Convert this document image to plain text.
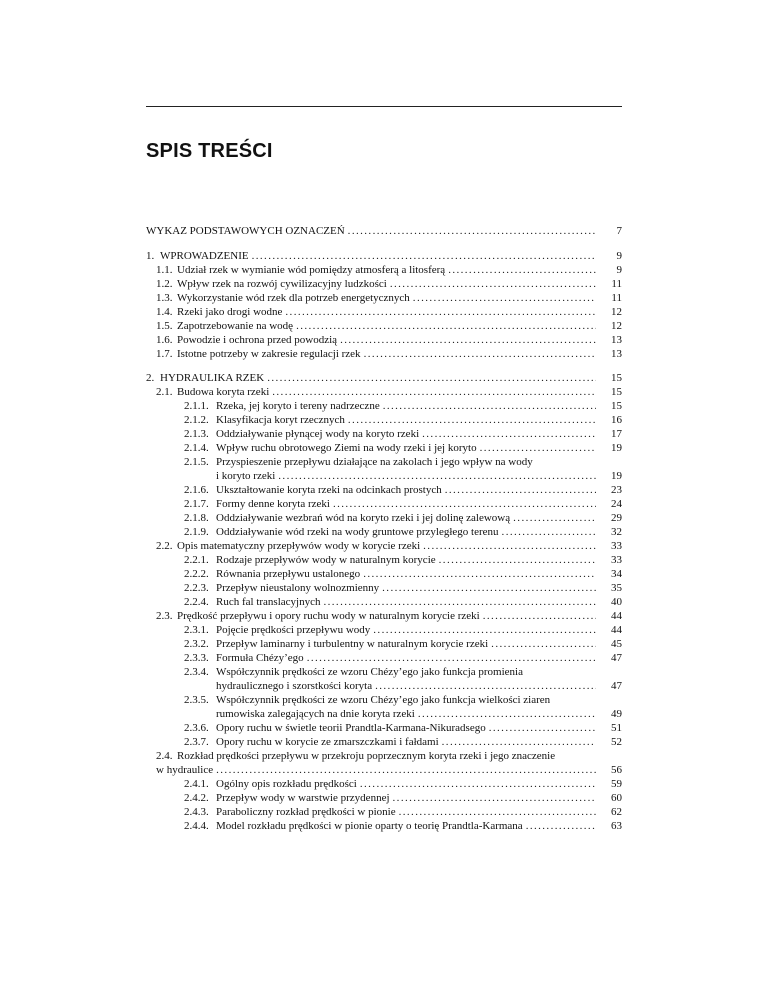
SPIS TREŚCI
WYKAZ PODSTAWOWYCH OZNACZEŃ .....	7
1. WPROWADZENIE .....	9
1.1. Udział rzek w wymianie wód pomiędzy atmosferą a litosferą .....	9
1.2. Wpływ rzek na rozwój cywilizacyjny ludzkości .....	11
1.3. Wykorzystanie wód rzek dla potrzeb energetycznych .....	11
1.4. Rzeki jako drogi wodne .....	12
1.5. Zapotrzebowanie na wodę .....	12
1.6. Powodzie i ochrona przed powodzią .....	13
1.7. Istotne potrzeby w zakresie regulacji rzek .....	13
2. HYDRAULIKA RZEK .....	15
2.1. Budowa koryta rzeki .....	15
2.1.1. Rzeka, jej koryto i tereny nadrzeczne .....	15
2.1.2. Klasyfikacja koryt rzecznych .....	16
2.1.3. Oddziaływanie płynącej wody na koryto rzeki .....	17
2.1.4. Wpływ ruchu obrotowego Ziemi na wody rzeki i jej koryto .....	19
2.1.5. Przyspieszenie przepływu działające na zakolach i jego wpływ na wody
i koryto rzeki .....	19
2.1.6. Ukształtowanie koryta rzeki na odcinkach prostych .....	23
2.1.7. Formy denne koryta rzeki .....	24
2.1.8. Oddziaływanie wezbrań wód na koryto rzeki i jej dolinę zalewową .....	29
2.1.9. Oddziaływanie wód rzeki na wody gruntowe przyległego terenu .....	32
2.2. Opis matematyczny przepływów wody w korycie rzeki .....	33
2.2.1. Rodzaje przepływów wody w naturalnym korycie .....	33
2.2.2. Równania przepływu ustalonego .....	34
2.2.3. Przepływ nieustalony wolnozmienny .....	35
2.2.4. Ruch fal translacyjnych .....	40
2.3. Prędkość przepływu i opory ruchu wody w naturalnym korycie rzeki .....	44
2.3.1. Pojęcie prędkości przepływu wody .....	44
2.3.2. Przepływ laminarny i turbulentny w naturalnym korycie rzeki .....	45
2.3.3. Formuła Chézy’ego .....	47
2.3.4. Współczynnik prędkości ze wzoru Chézy’ego jako funkcja promienia
hydraulicznego i szorstkości koryta .....	47
2.3.5. Współczynnik prędkości ze wzoru Chézy’ego jako funkcja wielkości ziaren
rumowiska zalegających na dnie koryta rzeki .....	49
2.3.6. Opory ruchu w świetle teorii Prandtla-Karmana-Nikuradsego .....	51
2.3.7. Opory ruchu w korycie ze zmarszczkami i fałdami .....	52
2.4. Rozkład prędkości przepływu w przekroju poprzecznym koryta rzeki i jego znaczenie
w hydraulice .....	56
2.4.1. Ogólny opis rozkładu prędkości .....	59
2.4.2. Przepływ wody w warstwie przydennej .....	60
2.4.3. Paraboliczny rozkład prędkości w pionie .....	62
2.4.4. Model rozkładu prędkości w pionie oparty o teorię Prandtla-Karmana .....	63
